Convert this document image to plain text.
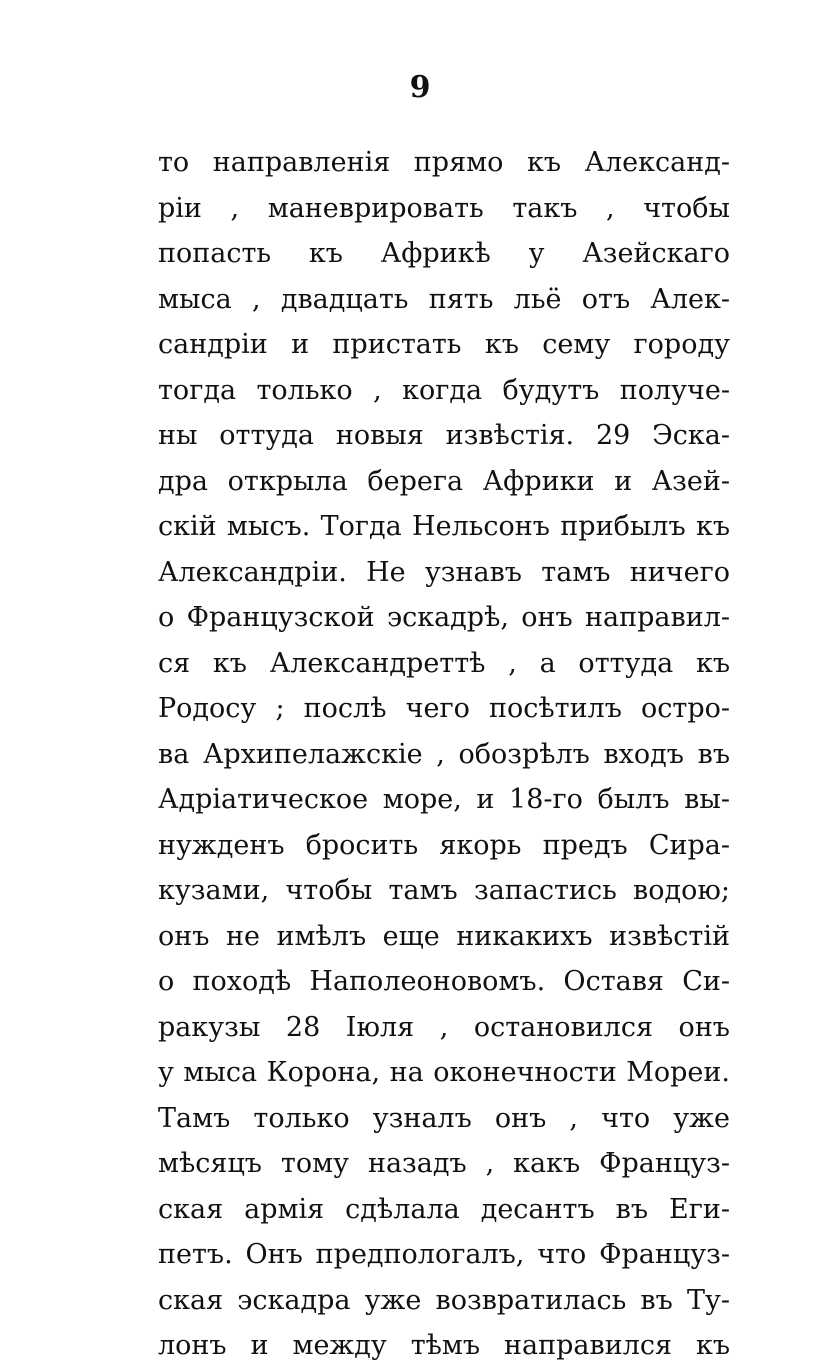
9
то направленія прямо къ Александ-
ріи , маневрировать такъ , чтобы
попасть къ Африкѣ у Азейскаго
мыса , двадцать пять льё отъ Алек-
сандріи и пристать къ сему городу
тогда только , когда будутъ получе-
ны оттуда новыя извѣстія. 29 Эска-
дра открыла берега Африки и Азей-
скій мысъ. Тогда Нельсонъ прибылъ къ
Александріи. Не узнавъ тамъ ничего
о Французской эскадрѣ, онъ направил-
ся къ Александреттѣ , а оттуда къ
Родосу ; послѣ чего посѣтилъ остро-
ва Архипелажскіе , обозрѣлъ входъ въ
Адріатическое море, и 18-го былъ вы-
нужденъ бросить якорь предъ Сира-
кузами, чтобы тамъ запастись водою;
онъ не имѣлъ еще никакихъ извѣстій
о походѣ Наполеоновомъ. Оставя Си-
ракузы 28 Іюля , остановился онъ
у мыса Корона, на оконечности Мореи.
Тамъ только узналъ онъ , что уже
мѣсяцъ тому назадъ , какъ Француз-
ская армія сдѣлала десантъ въ Еги-
петъ. Онъ предпологалъ, что Француз-
ская эскадра уже возвратилась въ Ту-
лонъ и между тѣмъ направился къ
